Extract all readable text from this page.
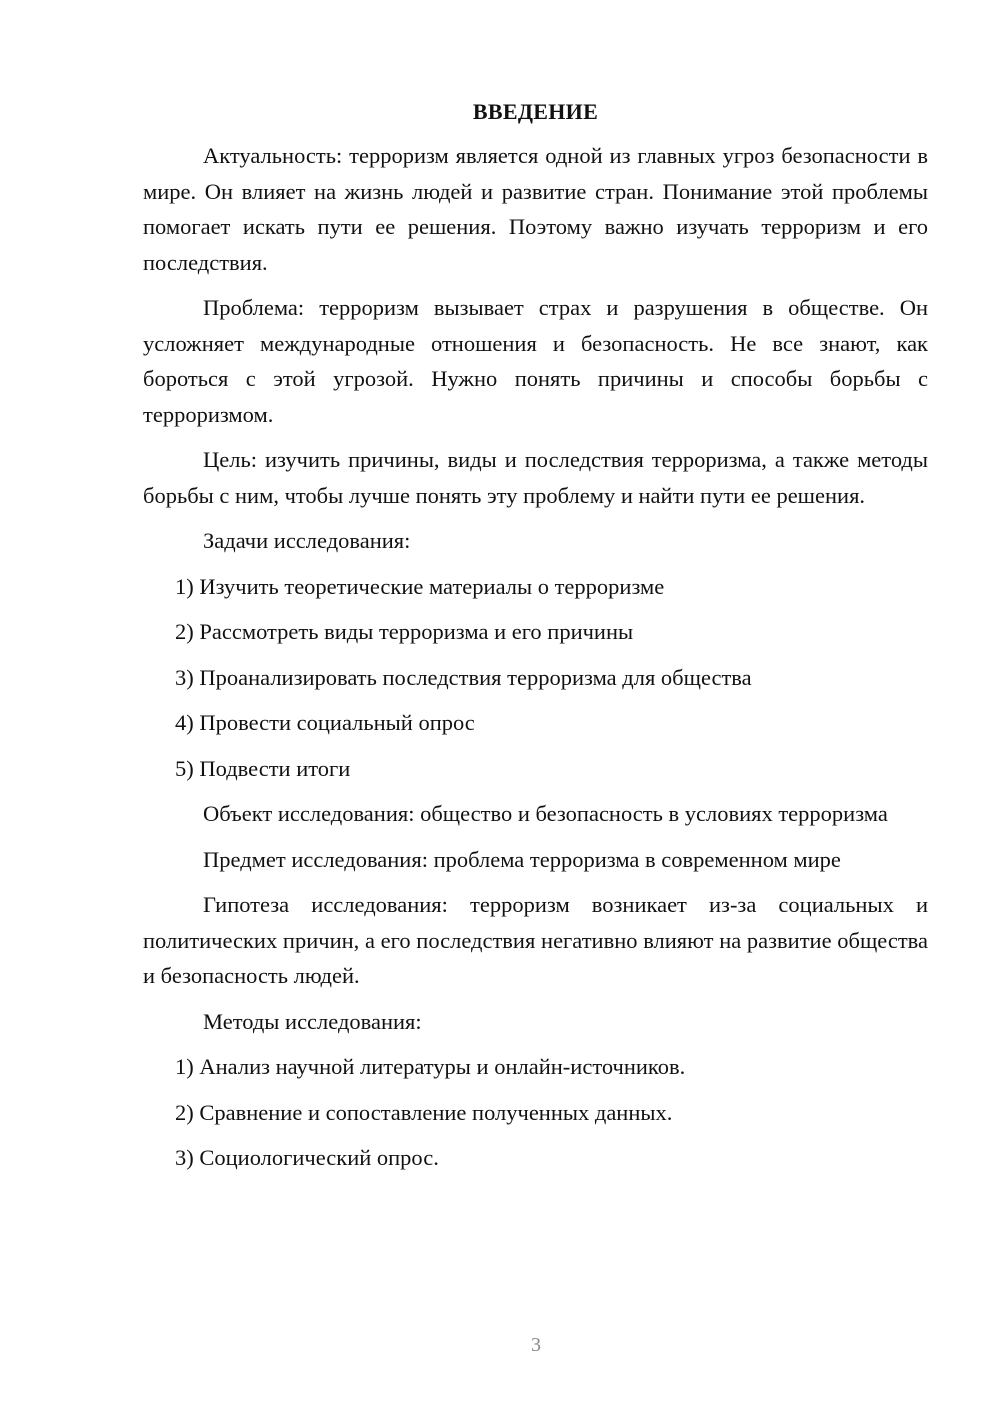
ВВЕДЕНИЕ

Актуальность: терроризм является одной из главных угроз безопасности в мире. Он влияет на жизнь людей и развитие стран. Понимание этой проблемы помогает искать пути ее решения. Поэтому важно изучать терроризм и его последствия.

Проблема: терроризм вызывает страх и разрушения в обществе. Он усложняет международные отношения и безопасность. Не все знают, как бороться с этой угрозой. Нужно понять причины и способы борьбы с терроризмом.

Цель: изучить причины, виды и последствия терроризма, а также методы борьбы с ним, чтобы лучше понять эту проблему и найти пути ее решения.

Задачи исследования:
1) Изучить теоретические материалы о терроризме
2) Рассмотреть виды терроризма и его причины
3) Проанализировать последствия терроризма для общества
4) Провести социальный опрос
5) Подвести итоги

Объект исследования: общество и безопасность в условиях терроризма

Предмет исследования: проблема терроризма в современном мире

Гипотеза исследования: терроризм возникает из-за социальных и политических причин, а его последствия негативно влияют на развитие общества и безопасность людей.

Методы исследования:
1) Анализ научной литературы и онлайн-источников.
2) Сравнение и сопоставление полученных данных.
3) Социологический опрос.
3
